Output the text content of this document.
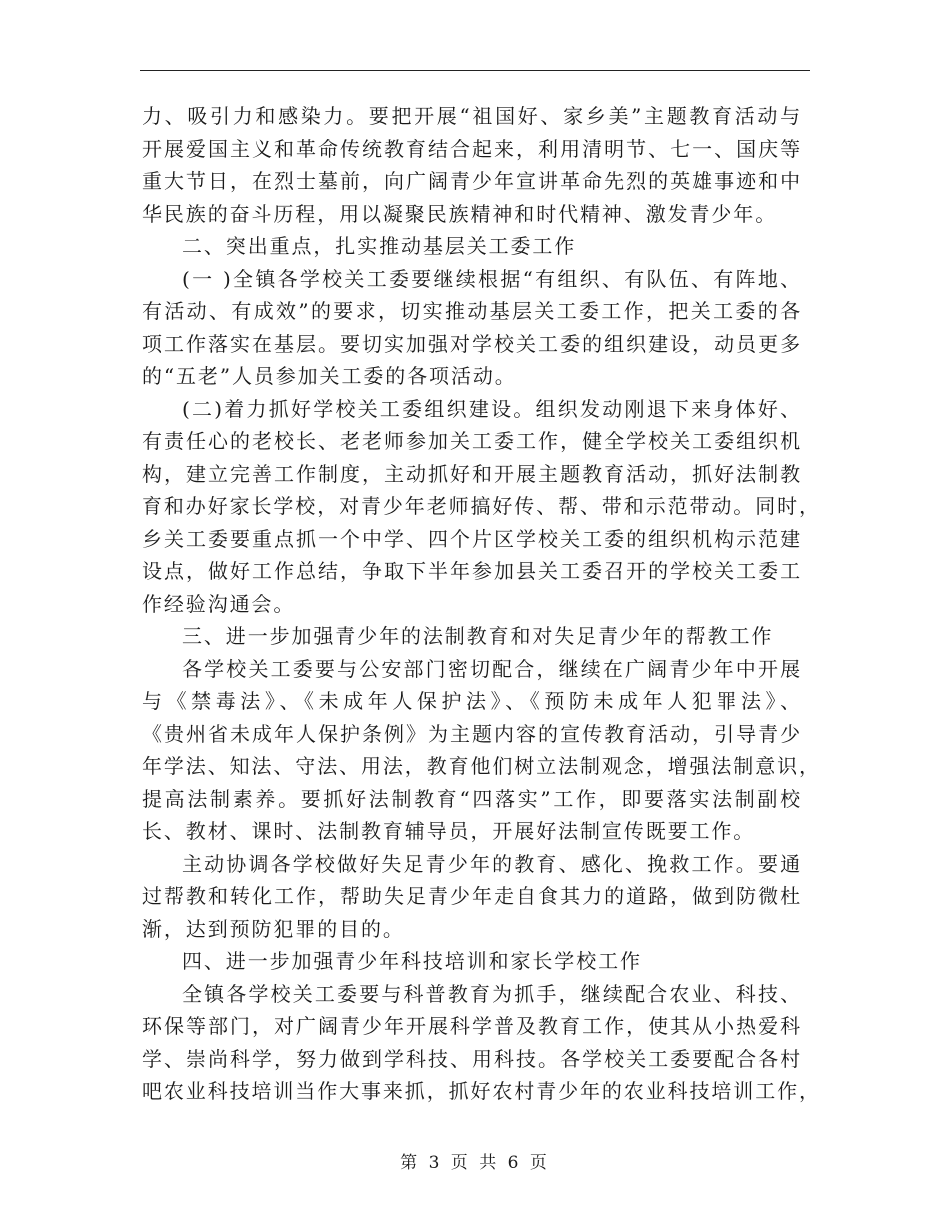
力、吸引力和感染力。要把开展“祖国好、家乡美”主题教育活动与
开展爱国主义和革命传统教育结合起来，利用清明节、七一、国庆等
重大节日，在烈士墓前，向广阔青少年宣讲革命先烈的英雄事迹和中
华民族的奋斗历程，用以凝聚民族精神和时代精神、激发青少年。
二、突出重点，扎实推动基层关工委工作
(一 )全镇各学校关工委要继续根据“有组织、有队伍、有阵地、
有活动、有成效”的要求，切实推动基层关工委工作，把关工委的各
项工作落实在基层。要切实加强对学校关工委的组织建设，动员更多
的“五老”人员参加关工委的各项活动。
(二)着力抓好学校关工委组织建设。组织发动刚退下来身体好、
有责任心的老校长、老老师参加关工委工作，健全学校关工委组织机
构，建立完善工作制度，主动抓好和开展主题教育活动，抓好法制教
育和办好家长学校，对青少年老师搞好传、帮、带和示范带动。同时，
乡关工委要重点抓一个中学、四个片区学校关工委的组织机构示范建
设点，做好工作总结，争取下半年参加县关工委召开的学校关工委工
作经验沟通会。
三、进一步加强青少年的法制教育和对失足青少年的帮教工作
各学校关工委要与公安部门密切配合，继续在广阔青少年中开展
与《禁毒法》、《未成年人保护法》、《预防未成年人犯罪法》、
《贵州省未成年人保护条例》为主题内容的宣传教育活动，引导青少
年学法、知法、守法、用法，教育他们树立法制观念，增强法制意识，
提高法制素养。要抓好法制教育“四落实”工作，即要落实法制副校
长、教材、课时、法制教育辅导员，开展好法制宣传既要工作。
主动协调各学校做好失足青少年的教育、感化、挽救工作。要通
过帮教和转化工作，帮助失足青少年走自食其力的道路，做到防微杜
渐，达到预防犯罪的目的。
四、进一步加强青少年科技培训和家长学校工作
全镇各学校关工委要与科普教育为抓手，继续配合农业、科技、
环保等部门，对广阔青少年开展科学普及教育工作，使其从小热爱科
学、崇尚科学，努力做到学科技、用科技。各学校关工委要配合各村
吧农业科技培训当作大事来抓，抓好农村青少年的农业科技培训工作，
第 3 页 共 6 页
